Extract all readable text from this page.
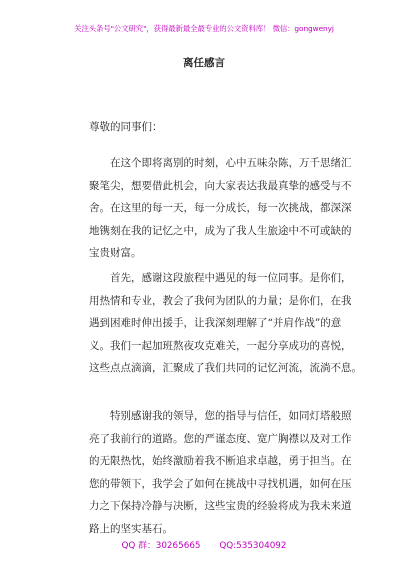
关注头条号"公文研究"，获得最新最全最专业的公文资料库！ 微信：gongwenyj
离任感言
尊敬的同事们：
　　在这个即将离别的时刻，心中五味杂陈，万千思绪汇
聚笔尖，想要借此机会，向大家表达我最真挚的感受与不
舍。在这里的每一天，每一分成长，每一次挑战，都深深
地镌刻在我的记忆之中，成为了我人生旅途中不可或缺的
宝贵财富。
　　首先，感谢这段旅程中遇见的每一位同事。是你们，
用热情和专业，教会了我何为团队的力量；是你们，在我
遇到困难时伸出援手，让我深刻理解了“并肩作战”的意
义。我们一起加班熬夜攻克难关，一起分享成功的喜悦，
这些点点滴滴，汇聚成了我们共同的记忆河流，流淌不息。
　　特别感谢我的领导，您的指导与信任，如同灯塔般照
亮了我前行的道路。您的严谨态度、宽广胸襟以及对工作
的无限热忱，始终激励着我不断追求卓越，勇于担当。在
您的带领下，我学会了如何在挑战中寻找机遇，如何在压
力之下保持冷静与决断，这些宝贵的经验将成为我未来道
路上的坚实基石。
QQ 群：30265665 QQ:535304092
